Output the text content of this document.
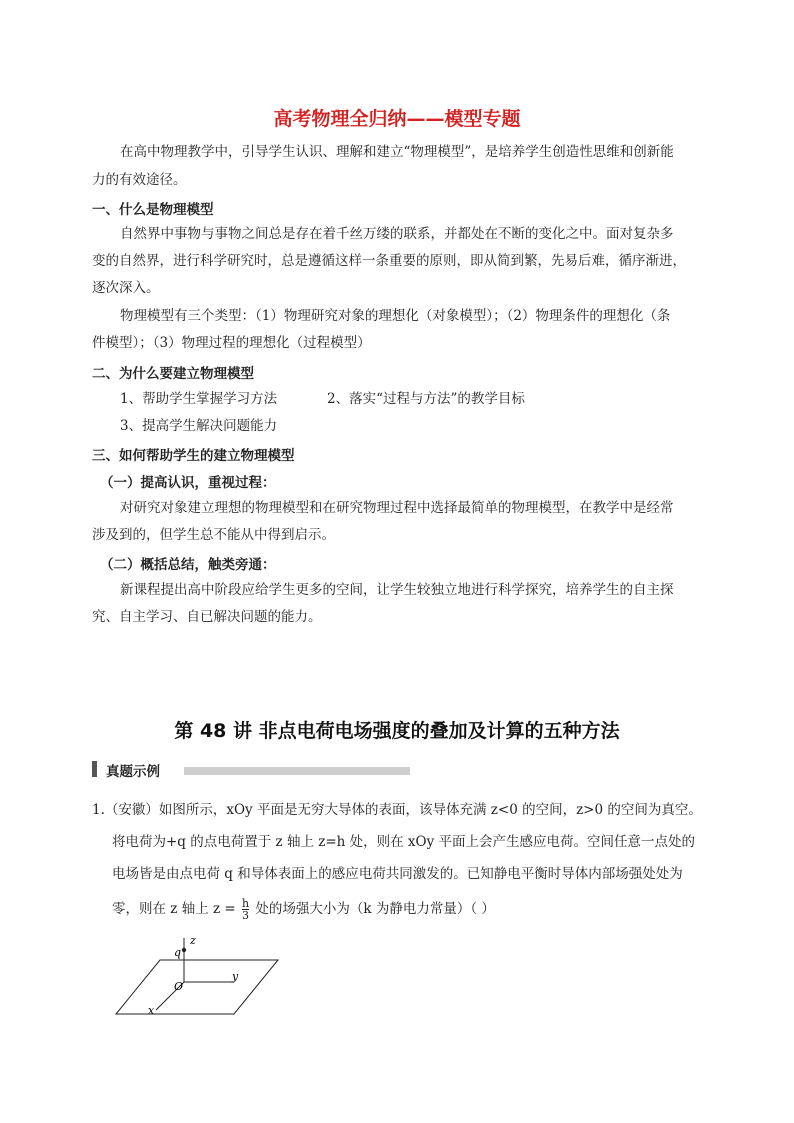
高考物理全归纳——模型专题
在高中物理教学中，引导学生认识、理解和建立“物理模型”，是培养学生创造性思维和创新能
力的有效途径。
一、什么是物理模型
自然界中事物与事物之间总是存在着千丝万缕的联系，并都处在不断的变化之中。面对复杂多
变的自然界，进行科学研究时，总是遵循这样一条重要的原则，即从简到繁，先易后难，循序渐进，
逐次深入。
物理模型有三个类型：（1）物理研究对象的理想化（对象模型）；（2）物理条件的理想化（条
件模型）；（3）物理过程的理想化（过程模型）
二、为什么要建立物理模型
1、帮助学生掌握学习方法	2、落实“过程与方法”的教学目标
3、提高学生解决问题能力
三、如何帮助学生的建立物理模型
（一）提高认识，重视过程：
对研究对象建立理想的物理模型和在研究物理过程中选择最简单的物理模型，在教学中是经常
涉及到的，但学生总不能从中得到启示。
（二）概括总结，触类旁通：
新课程提出高中阶段应给学生更多的空间，让学生较独立地进行科学探究，培养学生的自主探
究、自主学习、自已解决问题的能力。
第 48 讲 非点电荷电场强度的叠加及计算的五种方法
真题示例
1.（安徽）如图所示，xOy 平面是无穷大导体的表面，该导体充满 z<0 的空间，z>0 的空间为真空。
将电荷为+q 的点电荷置于 z 轴上 z=h 处，则在 xOy 平面上会产生感应电荷。空间任意一点处的
电场皆是由点电荷 q 和导体表面上的感应电荷共同激发的。已知静电平衡时导体内部场强处处为
零，则在 z 轴上 $z = \frac{h}{3}$ 处的场强大小为（k 为静电力常量）（ ）
q
z
y
x
O
